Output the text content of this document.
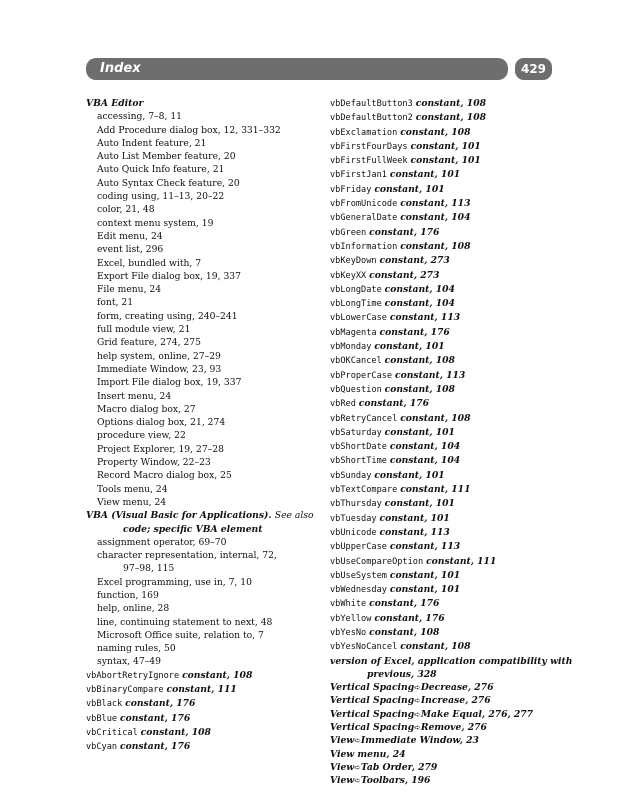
Index	429
VBA Editor
accessing, 7–8, 11
Add Procedure dialog box, 12, 331–332
Auto Indent feature, 21
Auto List Member feature, 20
Auto Quick Info feature, 21
Auto Syntax Check feature, 20
coding using, 11–13, 20–22
color, 21, 48
context menu system, 19
Edit menu, 24
event list, 296
Excel, bundled with, 7
Export File dialog box, 19, 337
File menu, 24
font, 21
form, creating using, 240–241
full module view, 21
Grid feature, 274, 275
help system, online, 27–29
Immediate Window, 23, 93
Import File dialog box, 19, 337
Insert menu, 24
Macro dialog box, 27
Options dialog box, 21, 274
procedure view, 22
Project Explorer, 19, 27–28
Property Window, 22–23
Record Macro dialog box, 25
Tools menu, 24
View menu, 24
VBA (Visual Basic for Applications). See also
code; specific VBA element
assignment operator, 69–70
character representation, internal, 72,
97–98, 115
Excel programming, use in, 7, 10
function, 169
help, online, 28
line, continuing statement to next, 48
Microsoft Office suite, relation to, 7
naming rules, 50
syntax, 47–49
vbAbortRetryIgnore constant, 108
vbBinaryCompare constant, 111
vbBlack constant, 176
vbBlue constant, 176
vbCritical constant, 108
vbCyan constant, 176
vbDefaultButton3 constant, 108
vbDefaultButton2 constant, 108
vbExclamation constant, 108
vbFirstFourDays constant, 101
vbFirstFullWeek constant, 101
vbFirstJan1 constant, 101
vbFriday constant, 101
vbFromUnicode constant, 113
vbGeneralDate constant, 104
vbGreen constant, 176
vbInformation constant, 108
vbKeyDown constant, 273
vbKeyXX constant, 273
vbLongDate constant, 104
vbLongTime constant, 104
vbLowerCase constant, 113
vbMagenta constant, 176
vbMonday constant, 101
vbOKCancel constant, 108
vbProperCase constant, 113
vbQuestion constant, 108
vbRed constant, 176
vbRetryCancel constant, 108
vbSaturday constant, 101
vbShortDate constant, 104
vbShortTime constant, 104
vbSunday constant, 101
vbTextCompare constant, 111
vbThursday constant, 101
vbTuesday constant, 101
vbUnicode constant, 113
vbUpperCase constant, 113
vbUseCompareOption constant, 111
vbUseSystem constant, 101
vbWednesday constant, 101
vbWhite constant, 176
vbYellow constant, 176
vbYesNo constant, 108
vbYesNoCancel constant, 108
version of Excel, application compatibility with
previous, 328
Vertical Spacing➪Decrease, 276
Vertical Spacing➪Increase, 276
Vertical Spacing➪Make Equal, 276, 277
Vertical Spacing➪Remove, 276
View➪Immediate Window, 23
View menu, 24
View➪Tab Order, 279
View➪Toolbars, 196
